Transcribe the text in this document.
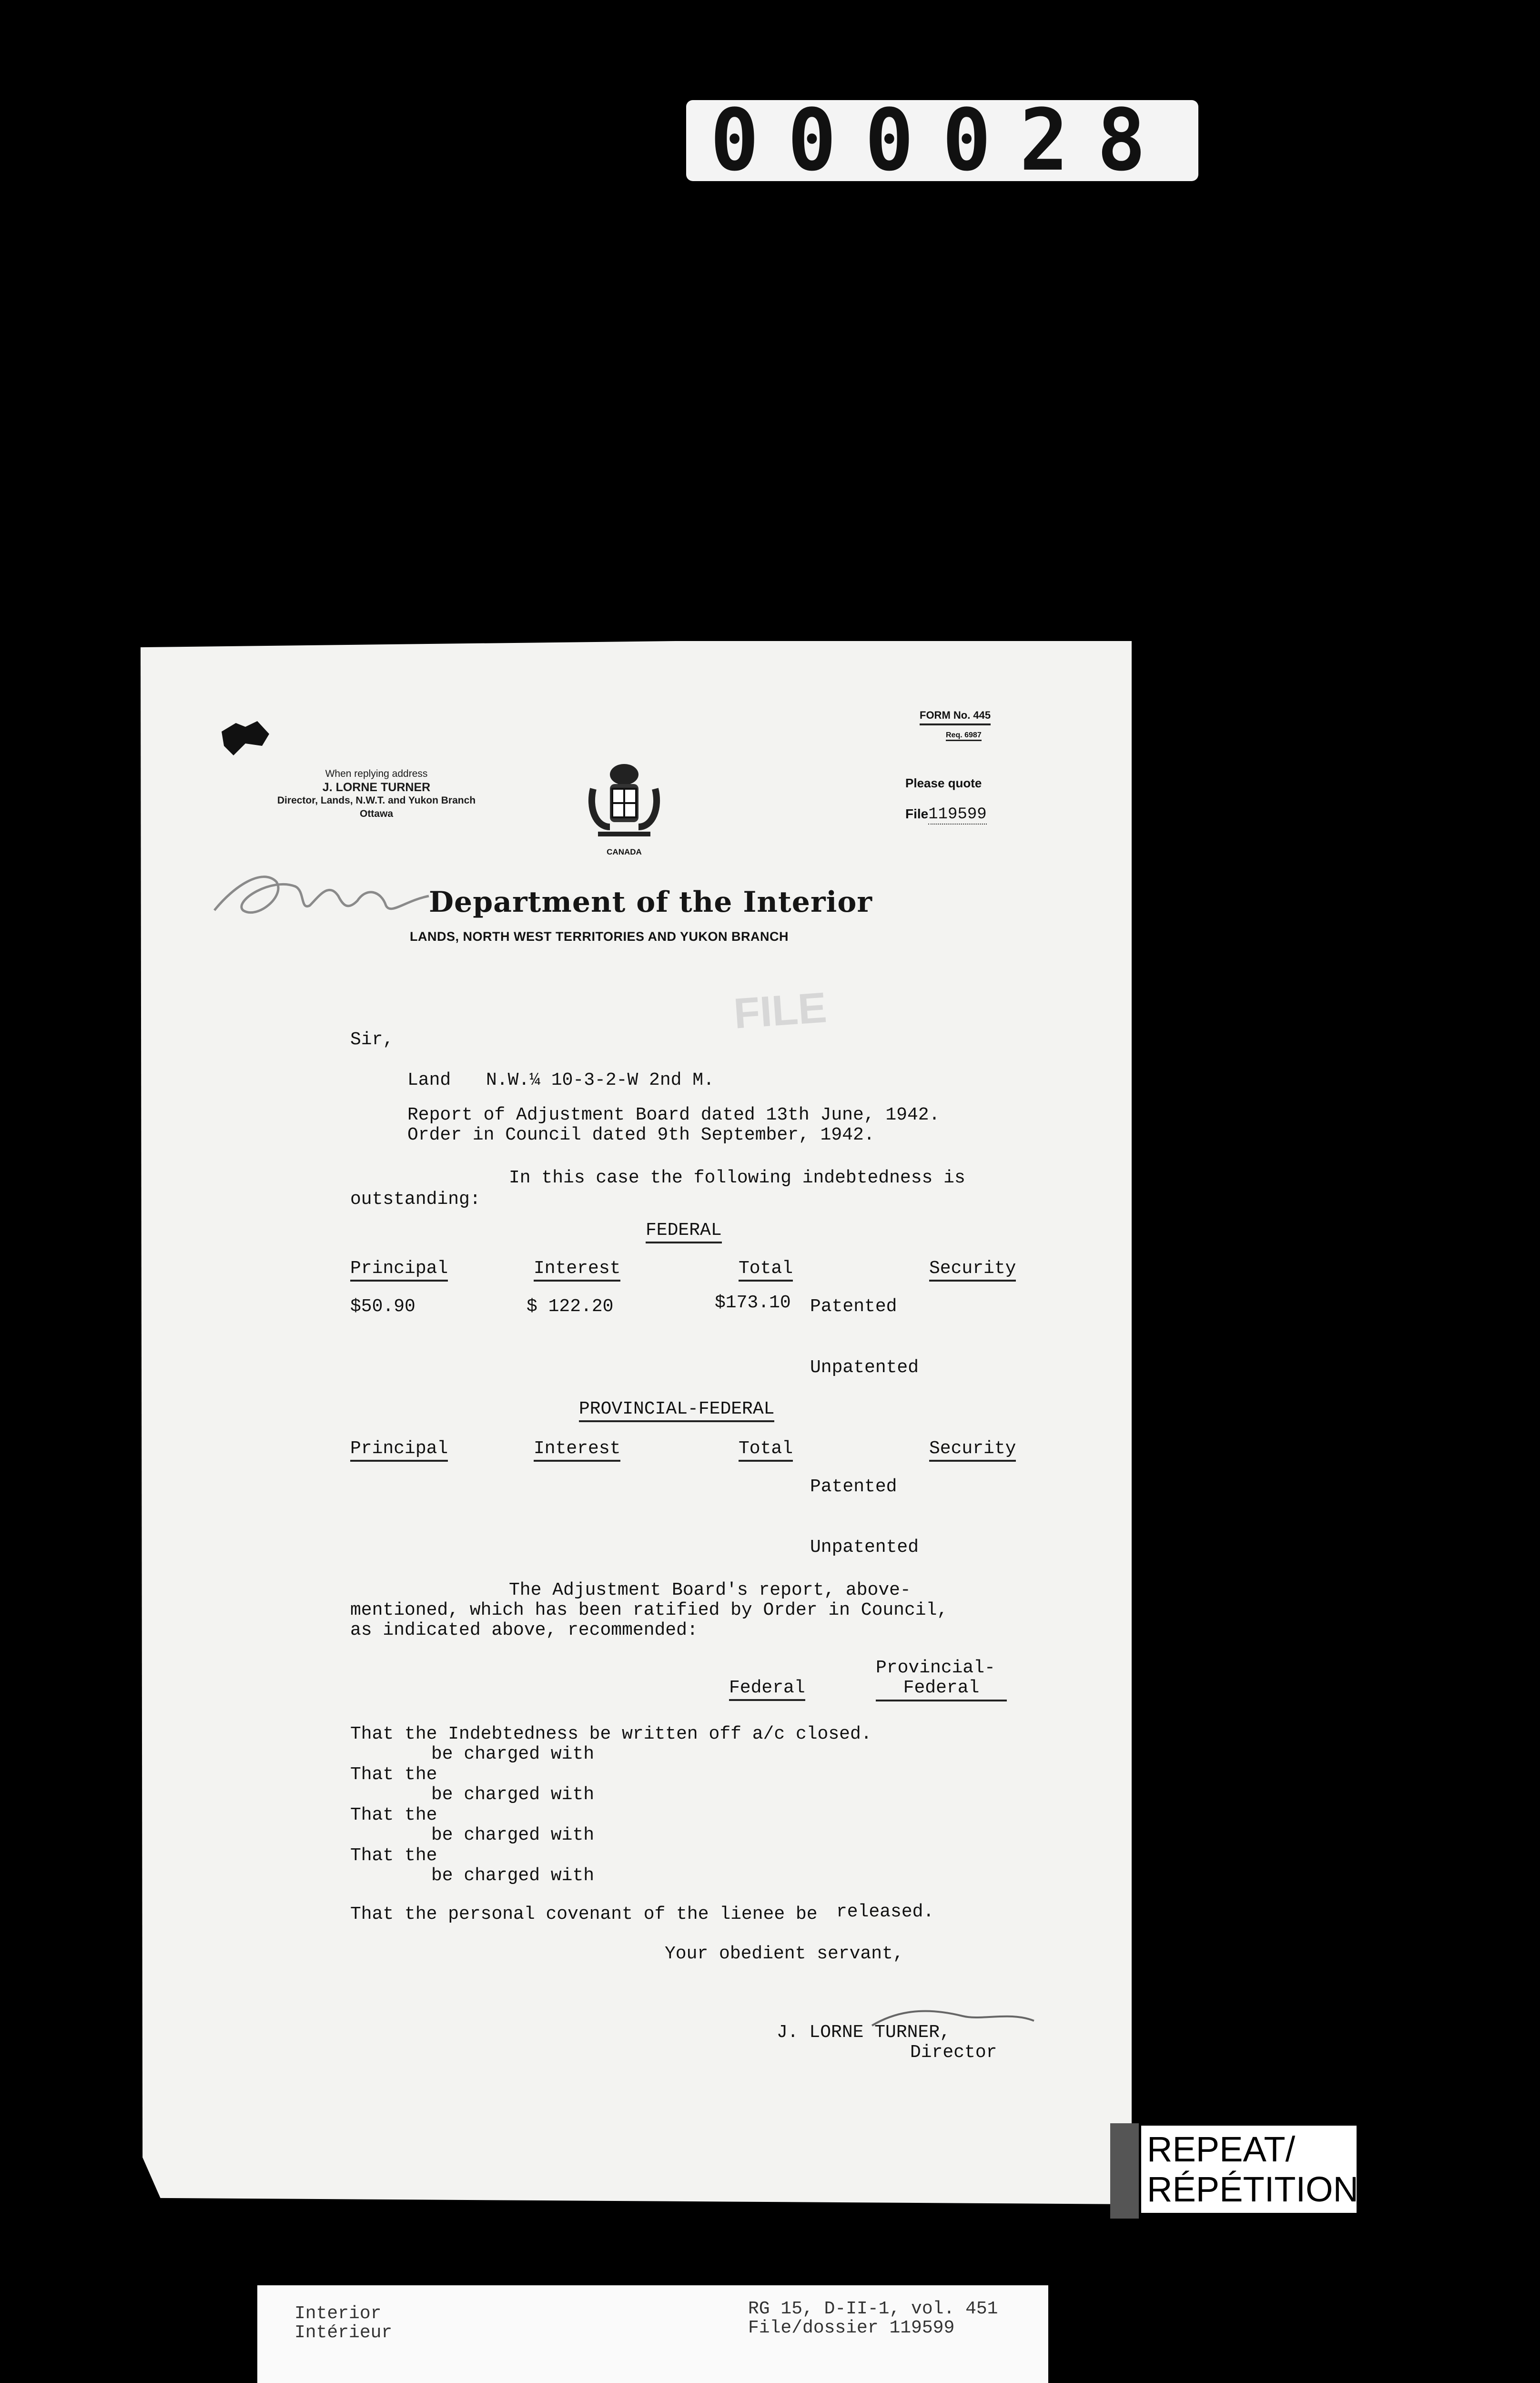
000028
When replying address
J. LORNE TURNER
Director, Lands, N.W.T. and Yukon Branch
Ottawa
CANADA
FORM No. 445
Req. 6987
Please quote
File119599
Department of the Interior
LANDS, NORTH WEST TERRITORIES AND YUKON BRANCH
FILE
Sir,
Land N.W.¼ 10-3-2-W 2nd M.
Report of Adjustment Board dated 13th June, 1942.
Order in Council dated 9th September, 1942.
In this case the following indebtedness is
outstanding:
FEDERAL
Principal	Interest	Total	Security
$50.90	$ 122.20	$173.10 Patented
Unpatented
PROVINCIAL-FEDERAL
Principal	Interest	Total	Security
Patented
Unpatented
The Adjustment Board's report, above-
mentioned, which has been ratified by Order in Council,
as indicated above, recommended:
Federal
Provincial-
Federal
That the Indebtedness be written off a/c closed.
be charged with
That the
be charged with
That the
be charged with
That the
be charged with
That the personal covenant of the lienee be released.
Your obedient servant,
J. LORNE TURNER,
Director
REPEAT/
RÉPÉTITION
Interior
Intérieur
RG 15, D-II-1, vol. 451
File/dossier 119599
